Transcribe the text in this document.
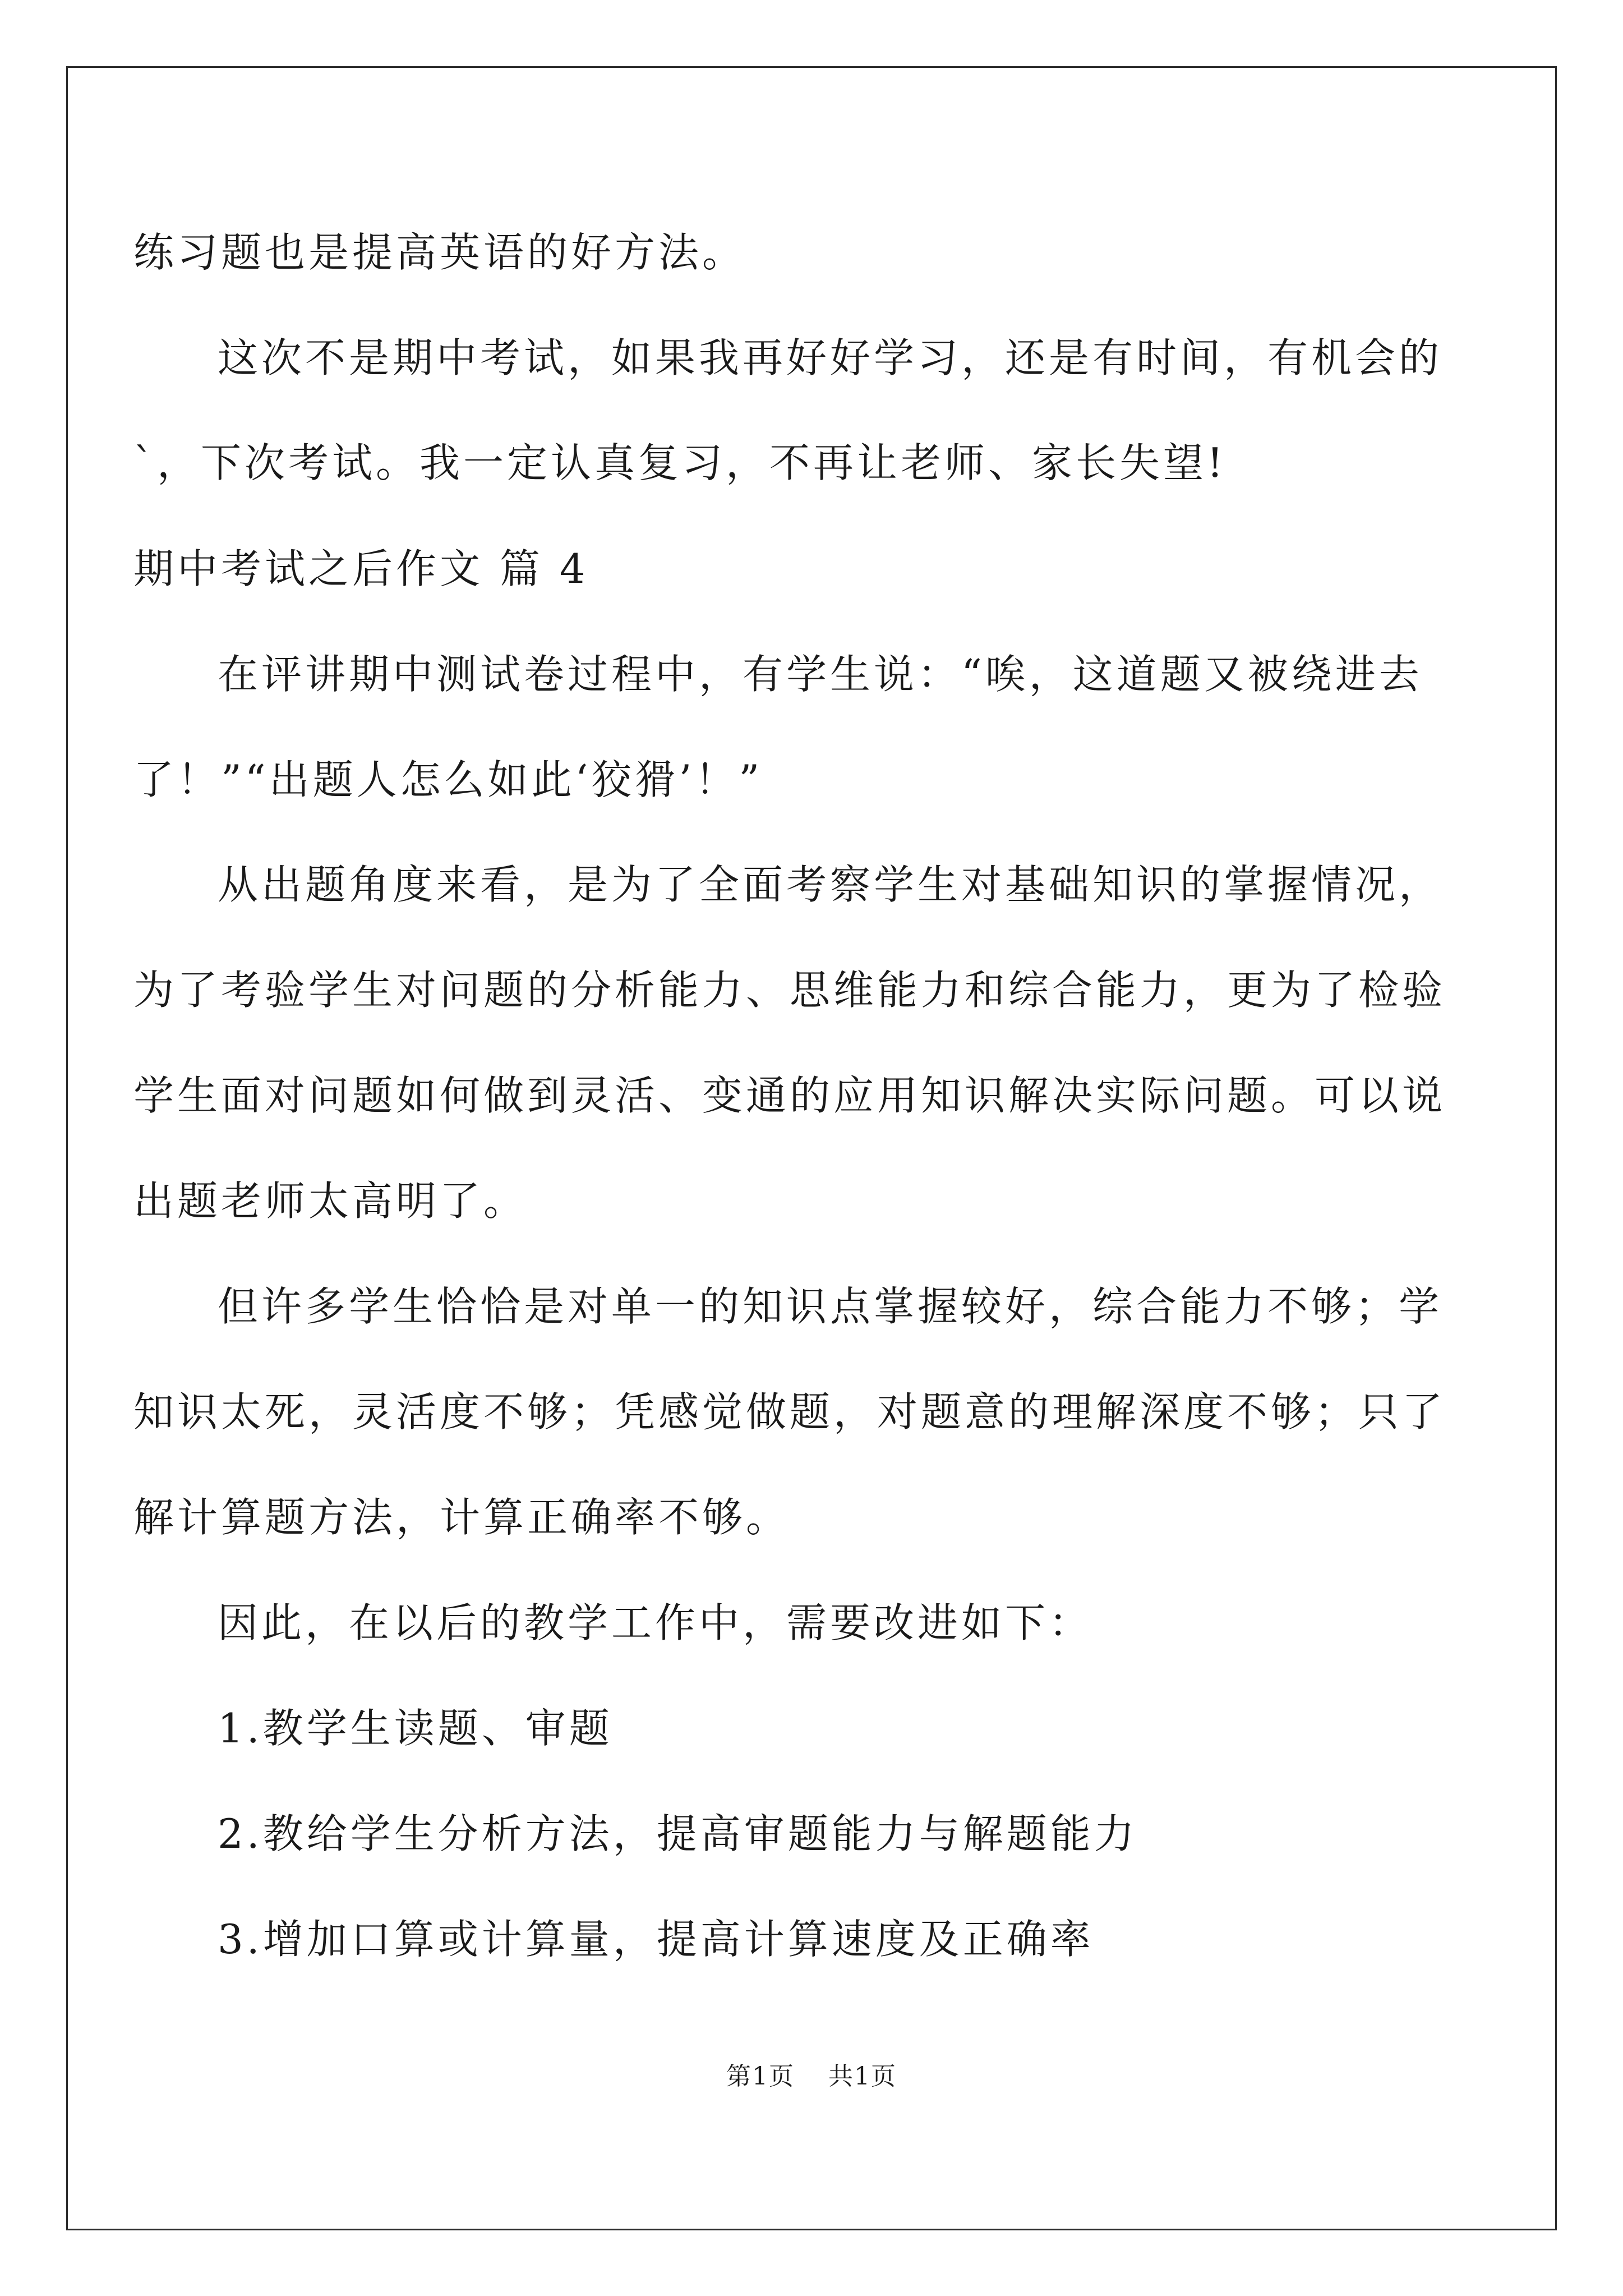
练习题也是提高英语的好方法。
这次不是期中考试，如果我再好好学习，还是有时间，有机会的
`，下次考试。我一定认真复习，不再让老师、家长失望!
期中考试之后作文 篇 4
在评讲期中测试卷过程中，有学生说：“唉，这道题又被绕进去
了！”“出题人怎么如此‘狡猾’！”
从出题角度来看，是为了全面考察学生对基础知识的掌握情况，
为了考验学生对问题的分析能力、思维能力和综合能力，更为了检验
学生面对问题如何做到灵活、变通的应用知识解决实际问题。可以说
出题老师太高明了。
但许多学生恰恰是对单一的知识点掌握较好，综合能力不够；学
知识太死，灵活度不够；凭感觉做题，对题意的理解深度不够；只了
解计算题方法，计算正确率不够。
因此，在以后的教学工作中，需要改进如下：
1.教学生读题、审题
2.教给学生分析方法，提高审题能力与解题能力
3.增加口算或计算量，提高计算速度及正确率
第1页 共1页
